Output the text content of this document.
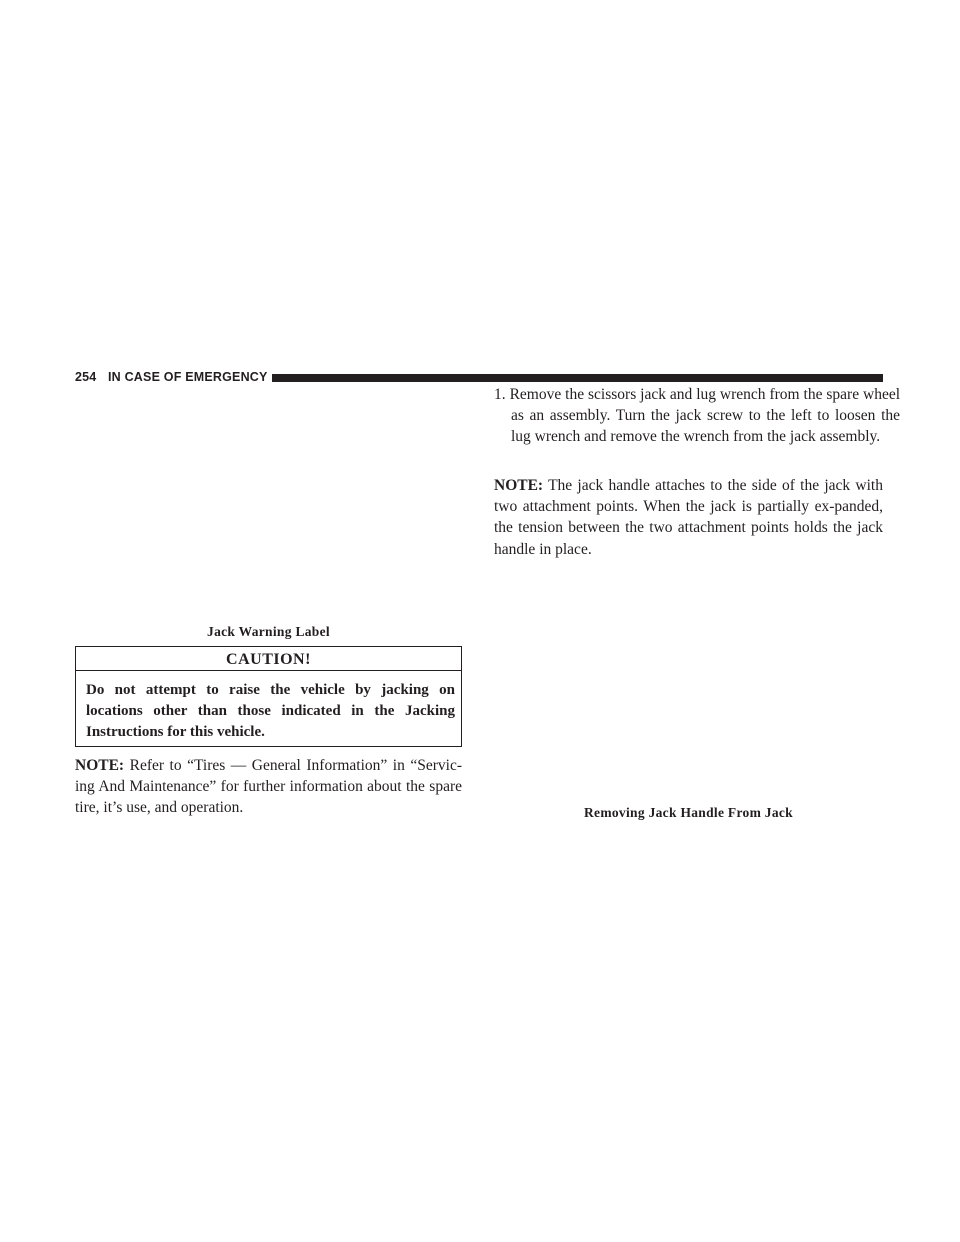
254 IN CASE OF EMERGENCY
Jack Warning Label
CAUTION!
Do not attempt to raise the vehicle by jacking on locations other than those indicated in the Jacking Instructions for this vehicle.

NOTE: Refer to “Tires — General Information” in “Servic-ing And Maintenance” for further information about the spare tire, it’s use, and operation.

1. Remove the scissors jack and lug wrench from the spare wheel as an assembly. Turn the jack screw to the left to loosen the lug wrench and remove the wrench from the jack assembly.

NOTE: The jack handle attaches to the side of the jack with two attachment points. When the jack is partially ex-panded, the tension between the two attachment points holds the jack handle in place.

Removing Jack Handle From Jack
